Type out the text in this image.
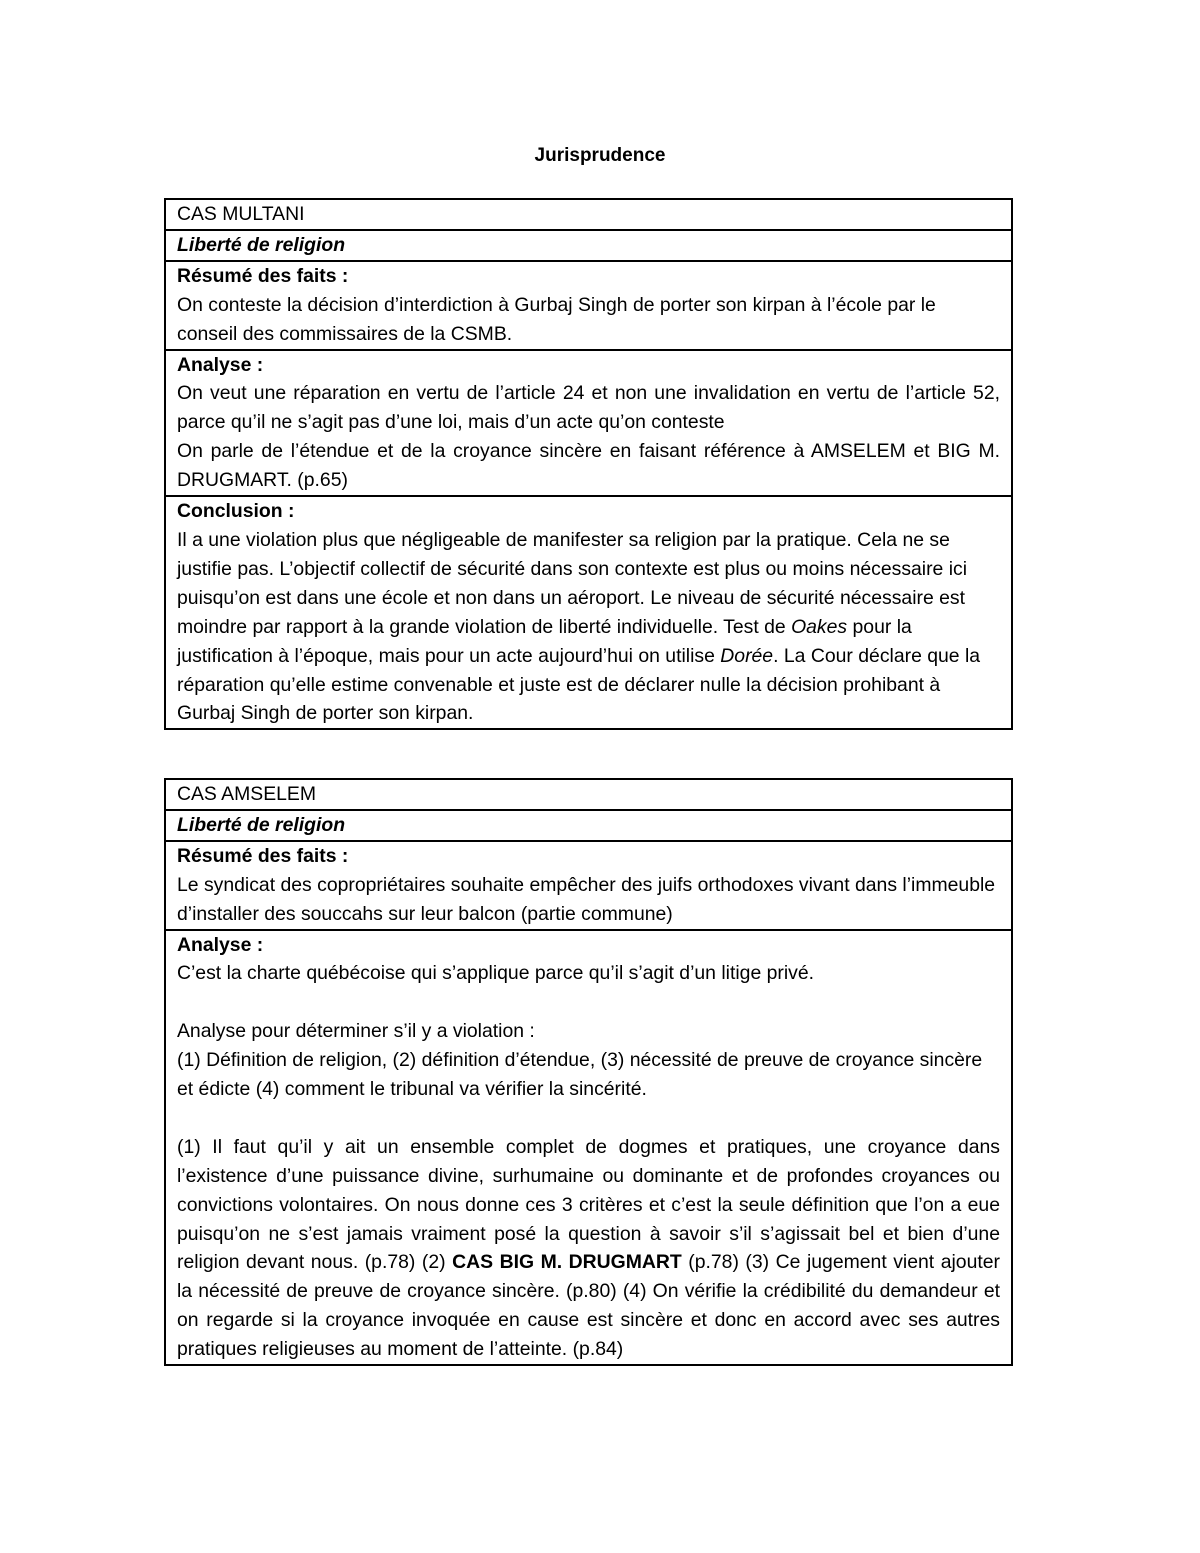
Jurisprudence
CAS MULTANI
Liberté de religion
Résumé des faits :
On conteste la décision d’interdiction à Gurbaj Singh de porter son kirpan à l’école par le conseil des commissaires de la CSMB.
Analyse :
On veut une réparation en vertu de l’article 24 et non une invalidation en vertu de l’article 52, parce qu’il ne s’agit pas d’une loi, mais d’un acte qu’on conteste
On parle de l’étendue et de la croyance sincère en faisant référence à AMSELEM et BIG M. DRUGMART. (p.65)
Conclusion :
Il a une violation plus que négligeable de manifester sa religion par la pratique. Cela ne se justifie pas. L’objectif collectif de sécurité dans son contexte est plus ou moins nécessaire ici puisqu’on est dans une école et non dans un aéroport. Le niveau de sécurité nécessaire est moindre par rapport à la grande violation de liberté individuelle. Test de Oakes pour la justification à l’époque, mais pour un acte aujourd’hui on utilise Dorée. La Cour déclare que la réparation qu’elle estime convenable et juste est de déclarer nulle la décision prohibant à Gurbaj Singh de porter son kirpan.
CAS AMSELEM
Liberté de religion
Résumé des faits :
Le syndicat des copropriétaires souhaite empêcher des juifs orthodoxes vivant dans l’immeuble d’installer des souccahs sur leur balcon (partie commune)
Analyse :
C’est la charte québécoise qui s’applique parce qu’il s’agit d’un litige privé.
Analyse pour déterminer s’il y a violation :
(1) Définition de religion, (2) définition d’étendue, (3) nécessité de preuve de croyance sincère et édicte (4) comment le tribunal va vérifier la sincérité.
(1) Il faut qu’il y ait un ensemble complet de dogmes et pratiques, une croyance dans l’existence d’une puissance divine, surhumaine ou dominante et de profondes croyances ou convictions volontaires. On nous donne ces 3 critères et c’est la seule définition que l’on a eue puisqu’on ne s’est jamais vraiment posé la question à savoir s’il s’agissait bel et bien d’une religion devant nous. (p.78) (2) CAS BIG M. DRUGMART (p.78) (3) Ce jugement vient ajouter la nécessité de preuve de croyance sincère. (p.80) (4) On vérifie la crédibilité du demandeur et on regarde si la croyance invoquée en cause est sincère et donc en accord avec ses autres pratiques religieuses au moment de l’atteinte. (p.84)
